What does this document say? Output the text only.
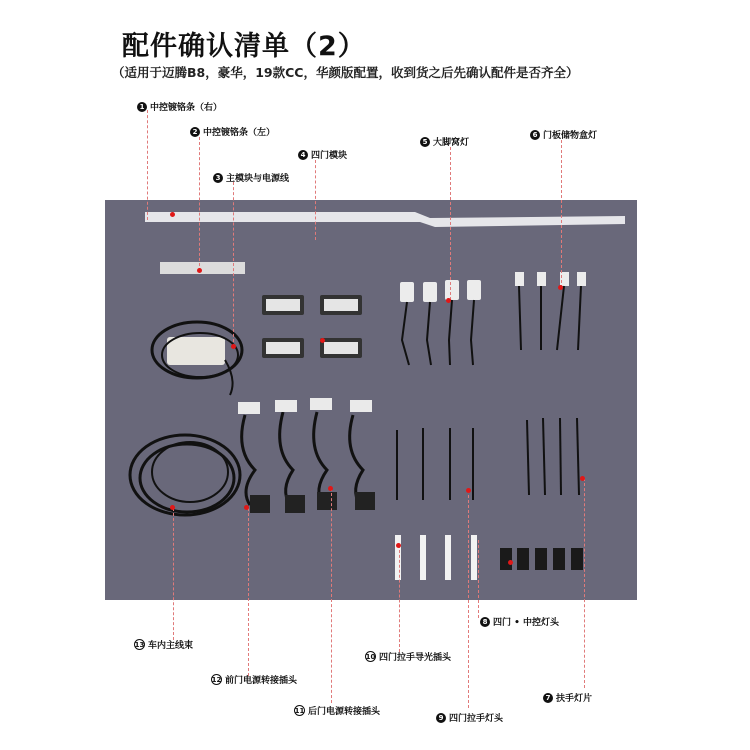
配件确认清单（2）
（适用于迈腾B8，豪华，19款CC，华颜版配置，收到货之后先确认配件是否齐全）
1 中控镀铬条（右）
2 中控镀铬条（左）
3 主模块与电源线
4 四门模块
5 大脚窝灯
6 门板储物盒灯
7 扶手灯片
8 四门 • 中控灯头
9 四门拉手灯头
10 四门拉手导光插头
11 后门电源转接插头
12 前门电源转接插头
13 车内主线束
